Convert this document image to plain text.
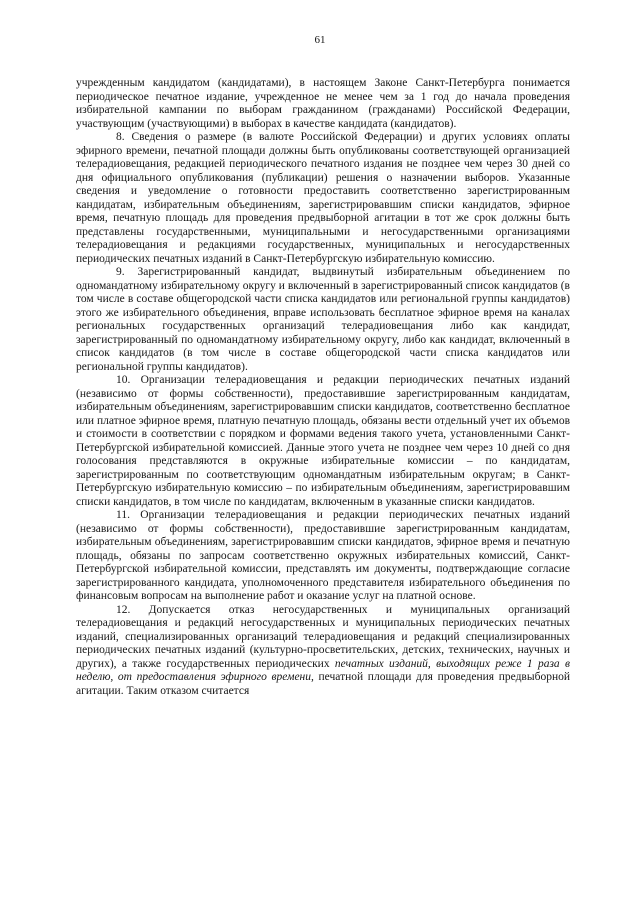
61

учрежденным кандидатом (кандидатами), в настоящем Законе Санкт-Петербурга понимается периодическое печатное издание, учрежденное не менее чем за 1 год до начала проведения избирательной кампании по выборам гражданином (гражданами) Российской Федерации, участвующим (участвующими) в выборах в качестве кандидата (кандидатов).

8. Сведения о размере (в валюте Российской Федерации) и других условиях оплаты эфирного времени, печатной площади должны быть опубликованы соответствующей организацией телерадиовещания, редакцией периодического печатного издания не позднее чем через 30 дней со дня официального опубликования (публикации) решения о назначении выборов. Указанные сведения и уведомление о готовности предоставить соответственно зарегистрированным кандидатам, избирательным объединениям, зарегистрировавшим списки кандидатов, эфирное время, печатную площадь для проведения предвыборной агитации в тот же срок должны быть представлены государственными, муниципальными и негосударственными организациями телерадиовещания и редакциями государственных, муниципальных и негосударственных периодических печатных изданий в Санкт-Петербургскую избирательную комиссию.

9. Зарегистрированный кандидат, выдвинутый избирательным объединением по одномандатному избирательному округу и включенный в зарегистрированный список кандидатов (в том числе в составе общегородской части списка кандидатов или региональной группы кандидатов) этого же избирательного объединения, вправе использовать бесплатное эфирное время на каналах региональных государственных организаций телерадиовещания либо как кандидат, зарегистрированный по одномандатному избирательному округу, либо как кандидат, включенный в список кандидатов (в том числе в составе общегородской части списка кандидатов или региональной группы кандидатов).

10. Организации телерадиовещания и редакции периодических печатных изданий (независимо от формы собственности), предоставившие зарегистрированным кандидатам, избирательным объединениям, зарегистрировавшим списки кандидатов, соответственно бесплатное или платное эфирное время, платную печатную площадь, обязаны вести отдельный учет их объемов и стоимости в соответствии с порядком и формами ведения такого учета, установленными Санкт-Петербургской избирательной комиссией. Данные этого учета не позднее чем через 10 дней со дня голосования представляются в окружные избирательные комиссии – по кандидатам, зарегистрированным по соответствующим одномандатным избирательным округам; в Санкт-Петербургскую избирательную комиссию – по избирательным объединениям, зарегистрировавшим списки кандидатов, в том числе по кандидатам, включенным в указанные списки кандидатов.

11. Организации телерадиовещания и редакции периодических печатных изданий (независимо от формы собственности), предоставившие зарегистрированным кандидатам, избирательным объединениям, зарегистрировавшим списки кандидатов, эфирное время и печатную площадь, обязаны по запросам соответственно окружных избирательных комиссий, Санкт-Петербургской избирательной комиссии, представлять им документы, подтверждающие согласие зарегистрированного кандидата, уполномоченного представителя избирательного объединения по финансовым вопросам на выполнение работ и оказание услуг на платной основе.

12. Допускается отказ негосударственных и муниципальных организаций телерадиовещания и редакций негосударственных и муниципальных периодических печатных изданий, специализированных организаций телерадиовещания и редакций специализированных периодических печатных изданий (культурно-просветительских, детских, технических, научных и других), а также государственных периодических печатных изданий, выходящих реже 1 раза в неделю, от предоставления эфирного времени, печатной площади для проведения предвыборной агитации. Таким отказом считается
